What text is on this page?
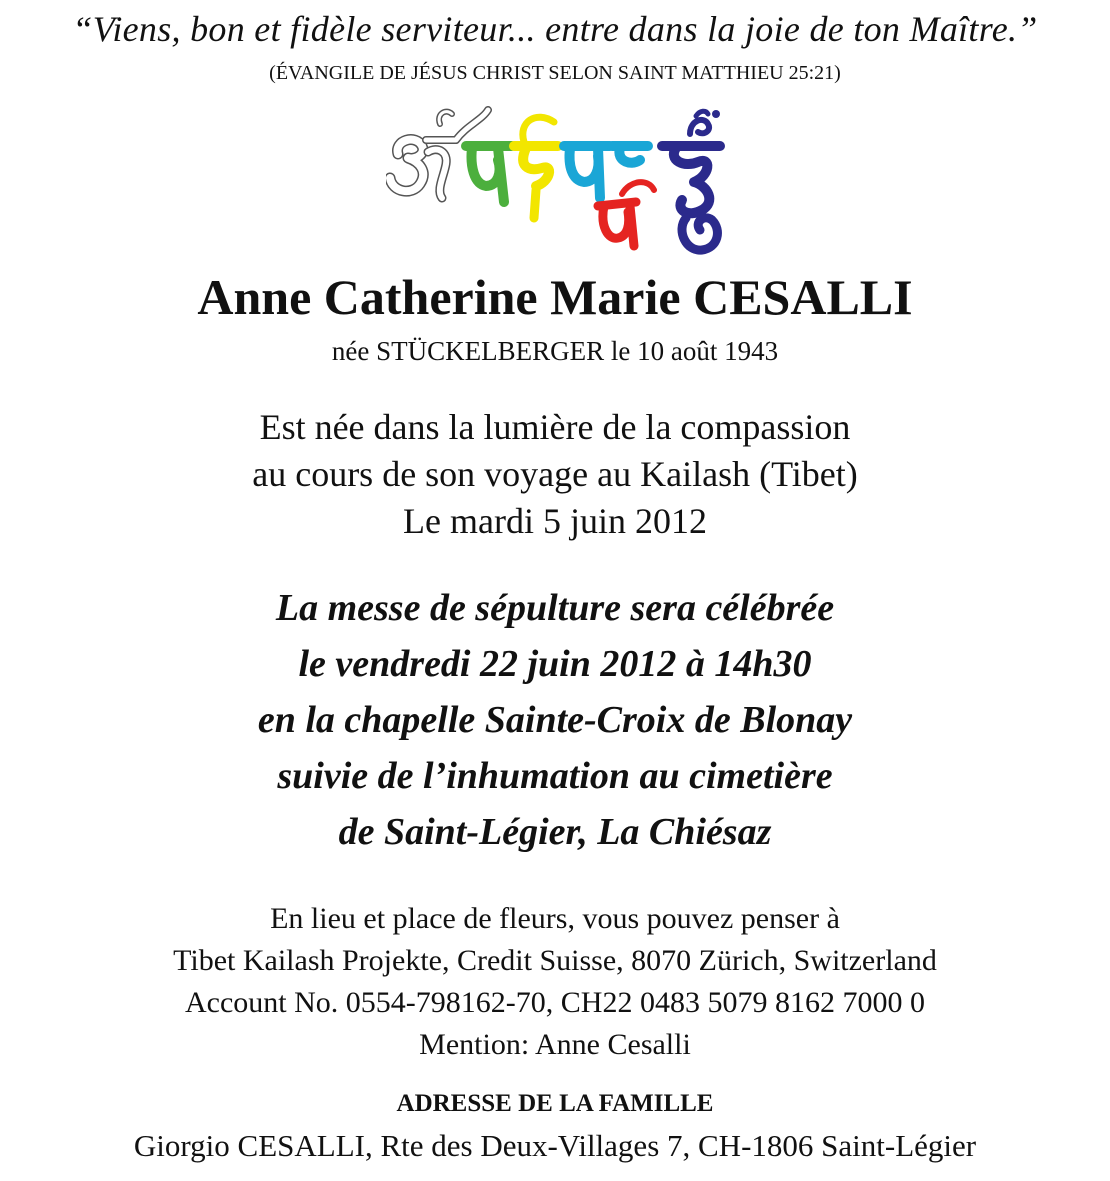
“Viens, bon et fidèle serviteur... entre dans la joie de ton Maître.”
(ÉVANGILE DE JÉSUS CHRIST SELON SAINT MATTHIEU 25:21)
Anne Catherine Marie CESALLI
née STÜCKELBERGER le 10 août 1943
Est née dans la lumière de la compassion
au cours de son voyage au Kailash (Tibet)
Le mardi 5 juin 2012
La messe de sépulture sera célébrée
le vendredi 22 juin 2012 à 14h30
en la chapelle Sainte-Croix de Blonay
suivie de l’inhumation au cimetière
de Saint-Légier, La Chiésaz
En lieu et place de fleurs, vous pouvez penser à
Tibet Kailash Projekte, Credit Suisse, 8070 Zürich, Switzerland
Account No. 0554-798162-70, CH22 0483 5079 8162 7000 0
Mention: Anne Cesalli
ADRESSE DE LA FAMILLE
Giorgio CESALLI, Rte des Deux-Villages 7, CH-1806 Saint-Légier
